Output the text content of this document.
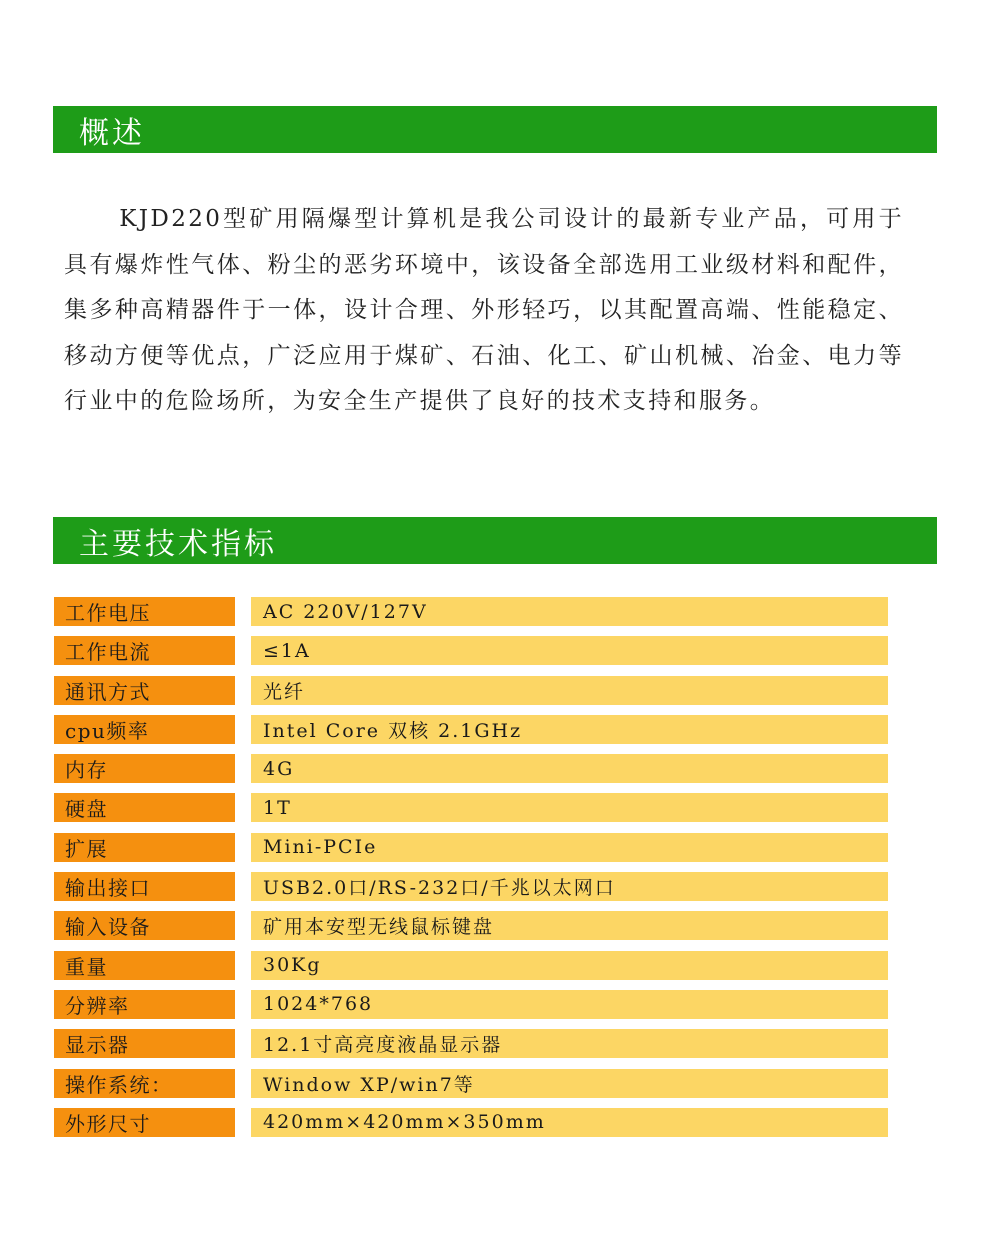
概述

KJD220型矿用隔爆型计算机是我公司设计的最新专业产品，可用于具有爆炸性气体、粉尘的恶劣环境中，该设备全部选用工业级材料和配件，集多种高精器件于一体，设计合理、外形轻巧，以其配置高端、性能稳定、移动方便等优点，广泛应用于煤矿、石油、化工、矿山机械、冶金、电力等行业中的危险场所，为安全生产提供了良好的技术支持和服务。

主要技术指标
工作电压	AC 220V/127V
工作电流	≤1A
通讯方式	光纤
cpu频率	Intel Core 双核 2.1GHz
内存	4G
硬盘	1T
扩展	Mini-PCIe
输出接口	USB2.0口/RS-232口/千兆以太网口
输入设备	矿用本安型无线鼠标键盘
重量	30Kg
分辨率	1024*768
显示器	12.1寸高亮度液晶显示器
操作系统：	Window XP/win7等
外形尺寸	420mm×420mm×350mm
